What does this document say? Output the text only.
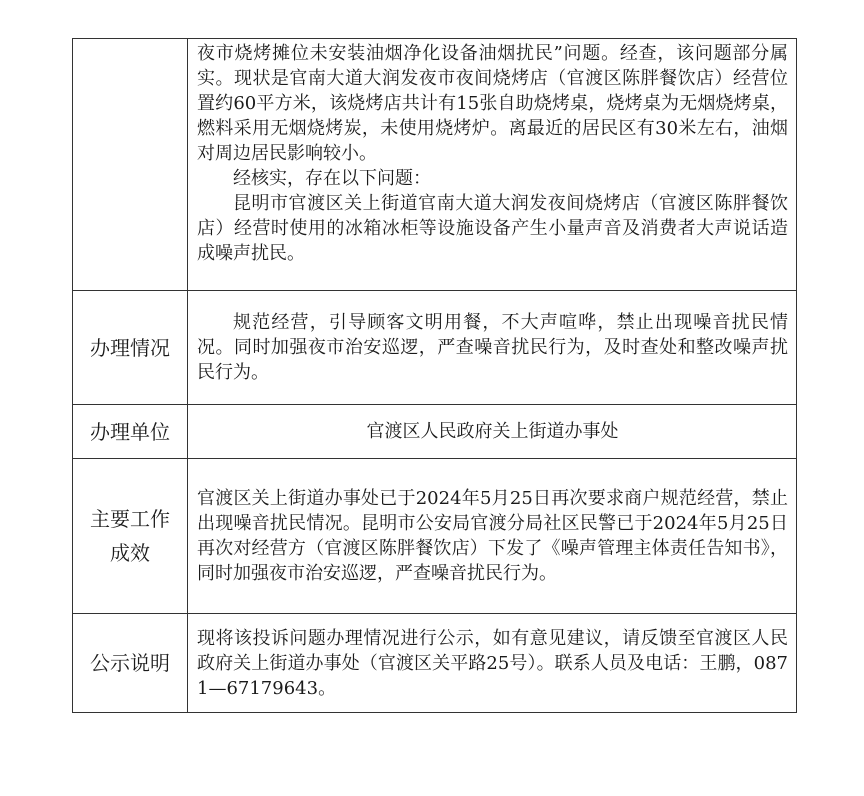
	夜市烧烤摊位未安装油烟净化设备油烟扰民”问题。经查，该问题部分属实。现状是官南大道大润发夜市夜间烧烤店（官渡区陈胖餐饮店）经营位置约60平方米，该烧烤店共计有15张自助烧烤桌，烧烤桌为无烟烧烤桌，燃料采用无烟烧烤炭，未使用烧烤炉。离最近的居民区有30米左右，油烟对周边居民影响较小。

经核实，存在以下问题：

昆明市官渡区关上街道官南大道大润发夜间烧烤店（官渡区陈胖餐饮店）经营时使用的冰箱冰柜等设施设备产生小量声音及消费者大声说话造成噪声扰民。

办理情况	规范经营，引导顾客文明用餐，不大声喧哗，禁止出现噪音扰民情况。同时加强夜市治安巡逻，严查噪音扰民行为，及时查处和整改噪声扰民行为。

办理单位	官渡区人民政府关上街道办事处

主要工作成效	官渡区关上街道办事处已于2024年5月25日再次要求商户规范经营，禁止出现噪音扰民情况。昆明市公安局官渡分局社区民警已于2024年5月25日再次对经营方（官渡区陈胖餐饮店）下发了《噪声管理主体责任告知书》，同时加强夜市治安巡逻，严查噪音扰民行为。

公示说明	现将该投诉问题办理情况进行公示，如有意见建议，请反馈至官渡区人民政府关上街道办事处（官渡区关平路25号）。联系人员及电话：王鹏，0871—67179643。
